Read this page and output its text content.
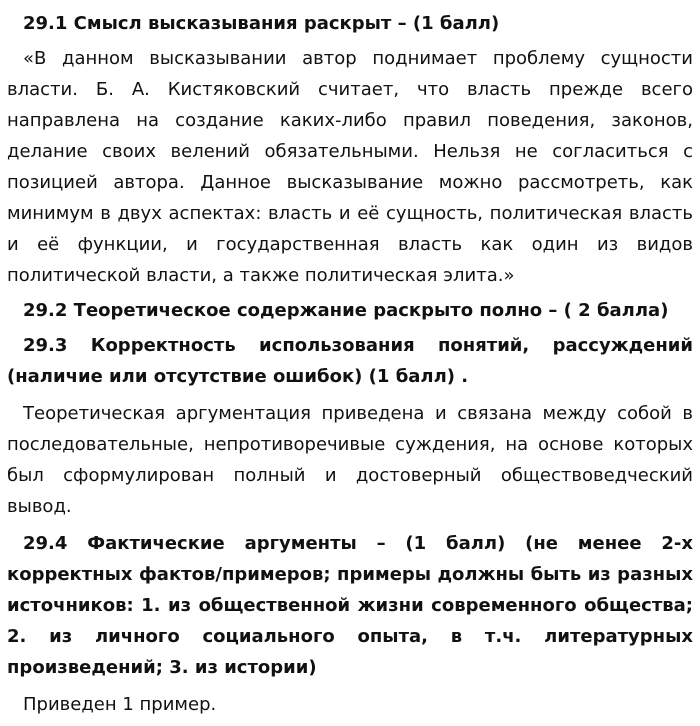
29.1 Смысл высказывания раскрыт – (1 балл)

«В данном высказывании автор поднимает проблему сущности власти. Б. А. Кистяковский считает, что власть прежде всего направлена на создание каких-либо правил поведения, законов, делание своих велений обязательными. Нельзя не согласиться с позицией автора. Данное высказывание можно рассмотреть, как минимум в двух аспектах: власть и её сущность, политическая власть и её функции, и государственная власть как один из видов политической власти, а также политическая элита.»

29.2 Теоретическое содержание раскрыто полно – ( 2 балла)

29.3 Корректность использования понятий, рассуждений (наличие или отсутствие ошибок) (1 балл) .

Теоретическая аргументация приведена и связана между собой в последовательные, непротиворечивые суждения, на основе которых был сформулирован полный и достоверный обществоведческий вывод.

29.4 Фактические аргументы – (1 балл) (не менее 2-х корректных фактов/примеров; примеры должны быть из разных источников: 1. из общественной жизни современного общества; 2. из личного социального опыта, в т.ч. литературных произведений; 3. из истории)

Приведен 1 пример.
